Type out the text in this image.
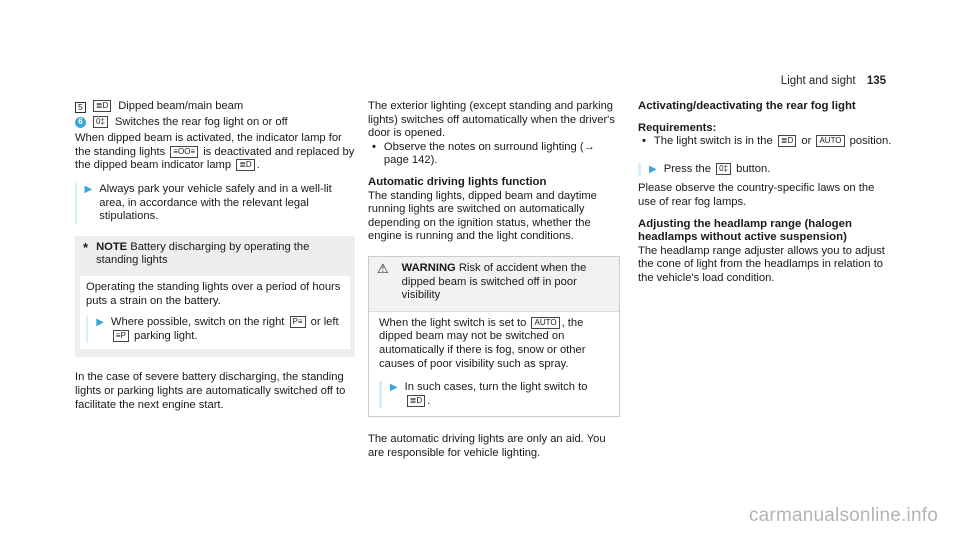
Light and sight 135
5	≣D Dipped beam/main beam
6	0‡ Switches the rear fog light on or off

When dipped beam is activated, the indicator lamp for the standing lights ≡OO≡ is deactivated and replaced by the dipped beam indicator lamp ≣D .

▶ Always park your vehicle safely and in a well-lit area, in accordance with the relevant legal stipulations.
* NOTE Battery discharging by operating the standing lights

Operating the standing lights over a period of hours puts a strain on the battery.

▶ Where possible, switch on the right P≡ or left ≡P parking light.

In the case of severe battery discharging, the standing lights or parking lights are automatically switched off to facilitate the next engine start.

The exterior lighting (except standing and parking lights) switches off automatically when the driver's door is opened.

• Observe the notes on surround lighting (→ page 142).
Automatic driving lights function

The standing lights, dipped beam and daytime running lights are switched on automatically depending on the ignition status, whether the engine is running and the light conditions.

⚠ WARNING Risk of accident when the dipped beam is switched off in poor visibility

When the light switch is set to AUTO , the dipped beam may not be switched on automatically if there is fog, snow or other causes of poor visibility such as spray.

▶ In such cases, turn the light switch to ≣D .

The automatic driving lights are only an aid. You are responsible for vehicle lighting.

Activating/deactivating the rear fog light

Requirements:

• The light switch is in the ≣D or AUTO position.
▶ Press the 0‡ button.

Please observe the country-specific laws on the use of rear fog lamps.

Adjusting the headlamp range (halogen headlamps without active suspension)

The headlamp range adjuster allows you to adjust the cone of light from the headlamps in relation to the vehicle's load condition.

carmanualsonline.info
